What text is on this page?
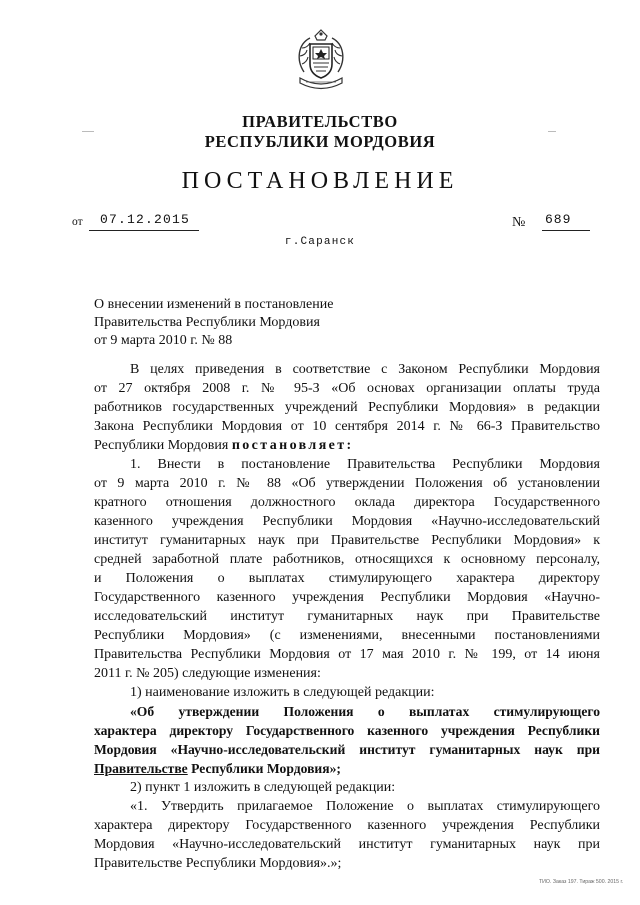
ПРАВИТЕЛЬСТВО
РЕСПУБЛИКИ МОРДОВИЯ
ПОСТАНОВЛЕНИЕ
от 07.12.2015	№ 689
г.Саранск
О внесении изменений в постановление
Правительства Республики Мордовия
от 9 марта 2010 г. № 88
В целях приведения в соответствие с Законом Республики Мордовия
от 27 октября 2008 г. № 95-З «Об основах организации оплаты труда
работников государственных учреждений Республики Мордовия» в редакции
Закона Республики Мордовия от 10 сентября 2014 г. № 66-З Правительство
Республики Мордовия постановляет:
1. Внести в постановление Правительства Республики Мордовия
от 9 марта 2010 г. № 88 «Об утверждении Положения об установлении
кратного отношения должностного оклада директора Государственного
казенного учреждения Республики Мордовия «Научно-исследовательский
институт гуманитарных наук при Правительстве Республики Мордовия» к
средней заработной плате работников, относящихся к основному персоналу,
и Положения о выплатах стимулирующего характера директору
Государственного казенного учреждения Республики Мордовия «Научно-
исследовательский институт гуманитарных наук при Правительстве
Республики Мордовия» (с изменениями, внесенными постановлениями
Правительства Республики Мордовия от 17 мая 2010 г. № 199, от 14 июня
2011 г. № 205) следующие изменения:
1) наименование изложить в следующей редакции:
«Об утверждении Положения о выплатах стимулирующего
характера директору Государственного казенного учреждения Республики
Мордовия «Научно-исследовательский институт гуманитарных наук при
Правительстве Республики Мордовия»;
2) пункт 1 изложить в следующей редакции:
«1. Утвердить прилагаемое Положение о выплатах стимулирующего
характера директору Государственного казенного учреждения Республики
Мордовия «Научно-исследовательский институт гуманитарных наук при
Правительстве Республики Мордовия».»;
ТИО. Заказ 197. Тираж 500. 2015 г.
